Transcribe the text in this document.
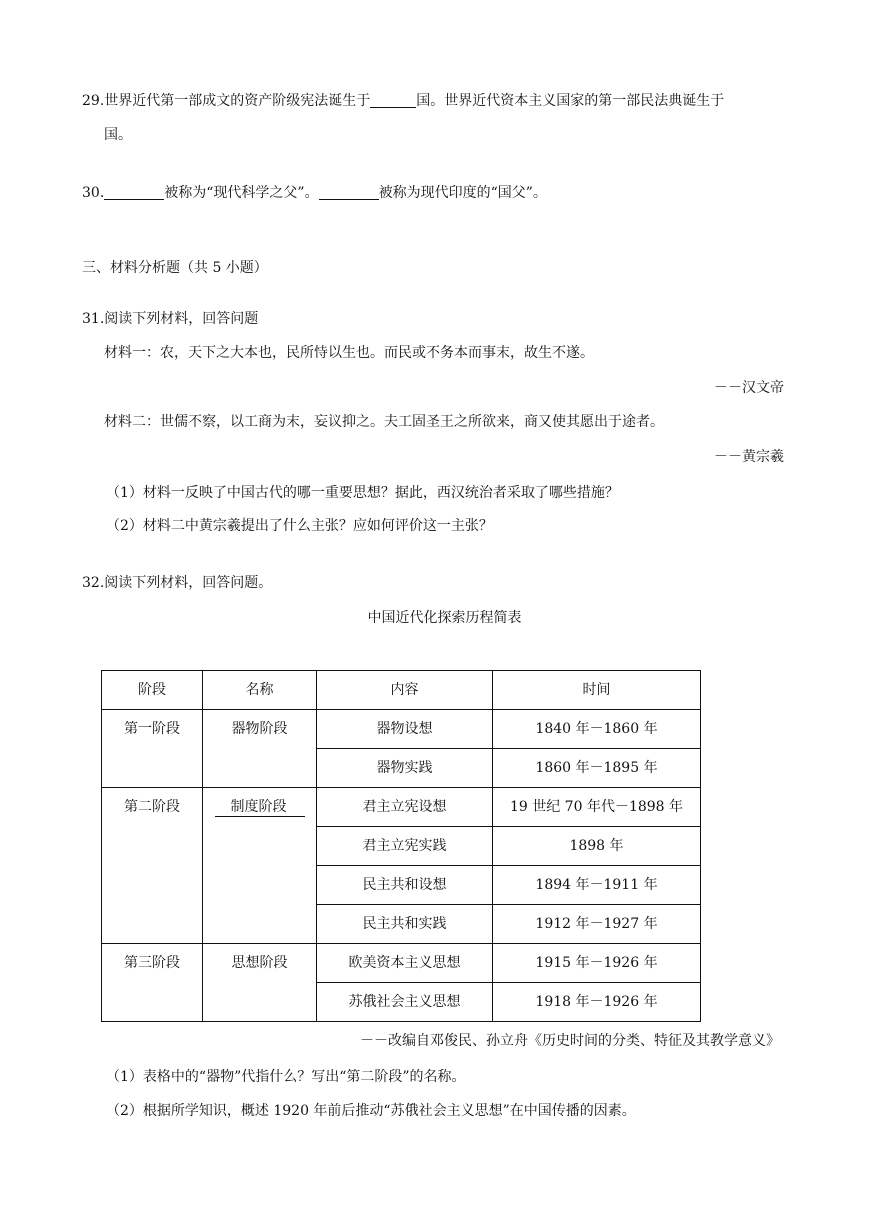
29.世界近代第一部成文的资产阶级宪法诞生于	国。世界近代资本主义国家的第一部民法典诞生于
国。
30.	被称为“现代科学之父”。	被称为现代印度的“国父”。
三、材料分析题（共 5 小题）
31.阅读下列材料，回答问题
材料一：农，天下之大本也，民所恃以生也。而民或不务本而事末，故生不遂。
－－汉文帝
材料二：世儒不察，以工商为末，妄议抑之。夫工固圣王之所欲来，商又使其愿出于途者。
－－黄宗羲
（1）材料一反映了中国古代的哪一重要思想？据此，西汉统治者采取了哪些措施？
（2）材料二中黄宗羲提出了什么主张？应如何评价这一主张？
32.阅读下列材料，回答问题。
中国近代化探索历程简表
阶段	名称	内容	时间
第一阶段	器物阶段	器物设想	1840 年－1860 年
		器物实践	1860 年－1895 年
第二阶段	制度阶段	君主立宪设想	19 世纪 70 年代－1898 年
		君主立宪实践	1898 年
		民主共和设想	1894 年－1911 年
		民主共和实践	1912 年－1927 年
第三阶段	思想阶段	欧美资本主义思想	1915 年－1926 年
		苏俄社会主义思想	1918 年－1926 年
－－改编自邓俊民、孙立舟《历史时间的分类、特征及其教学意义》
（1）表格中的“器物”代指什么？写出“第二阶段”的名称。
（2）根据所学知识，概述 1920 年前后推动“苏俄社会主义思想”在中国传播的因素。
